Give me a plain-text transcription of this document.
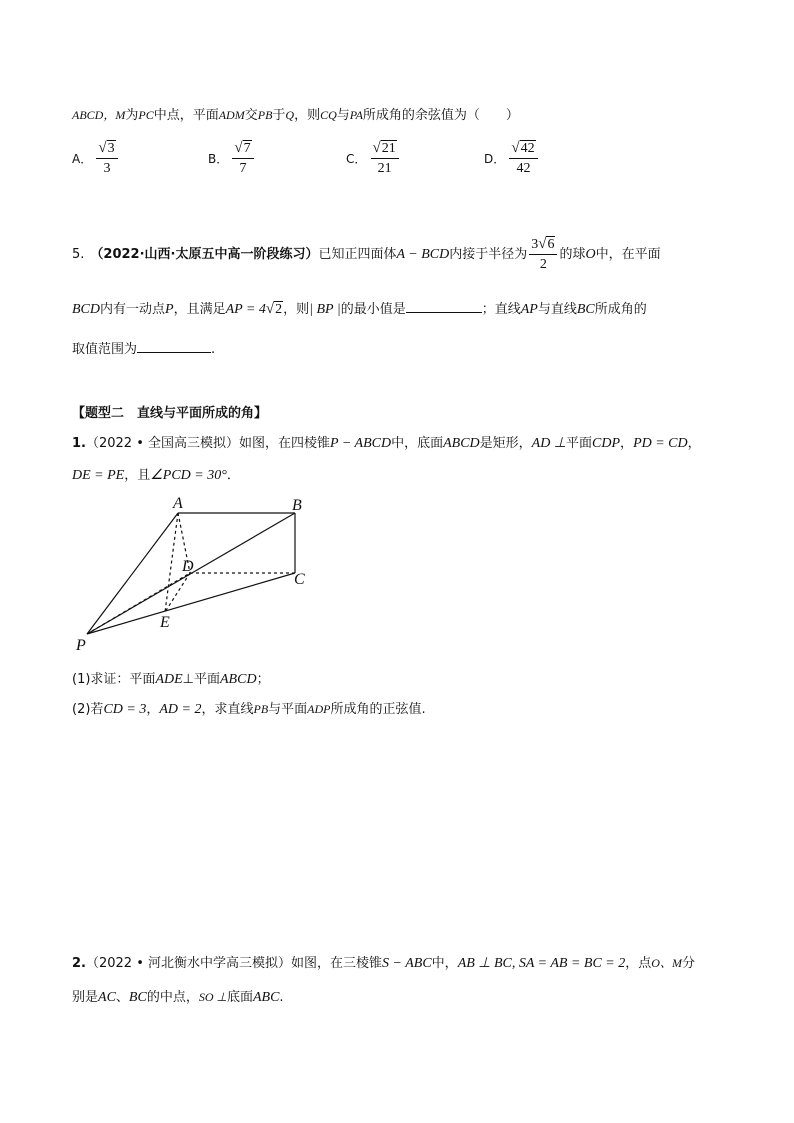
ABCD，M为PC中点，平面ADM交PB于Q，则CQ与PA所成角的余弦值为（　　）
A． $\frac{√3}{3}$	B． $\frac{√7}{7}$	C． $\frac{√21}{21}$	D． $\frac{√42}{42}$
5. （2022·山西·太原五中高一阶段练习）已知正四面体A − BCD内接于半径为 $\frac{3√6}{2}$ 的球O中，在平面
BCD内有一动点P，且满足AP = 4√2，则| BP |的最小值是	；直线AP与直线BC所成角的
取值范围为	.
【题型二　直线与平面所成的角】
1.（2022 • 全国高三模拟）如图，在四棱锥P − ABCD中，底面ABCD是矩形，AD ⊥平面CDP，PD = CD，
DE = PE，且∠PCD = 30°．
A	B
C
D
E
P
(1)求证：平面ADE⊥平面ABCD；
(2)若CD = 3，AD = 2，求直线PB与平面ADP所成角的正弦值.
2.（2022 • 河北衡水中学高三模拟）如图，在三棱锥S − ABC中，AB ⊥ BC, SA = AB = BC = 2，点O、M分
别是AC、BC的中点，SO ⊥底面ABC.
